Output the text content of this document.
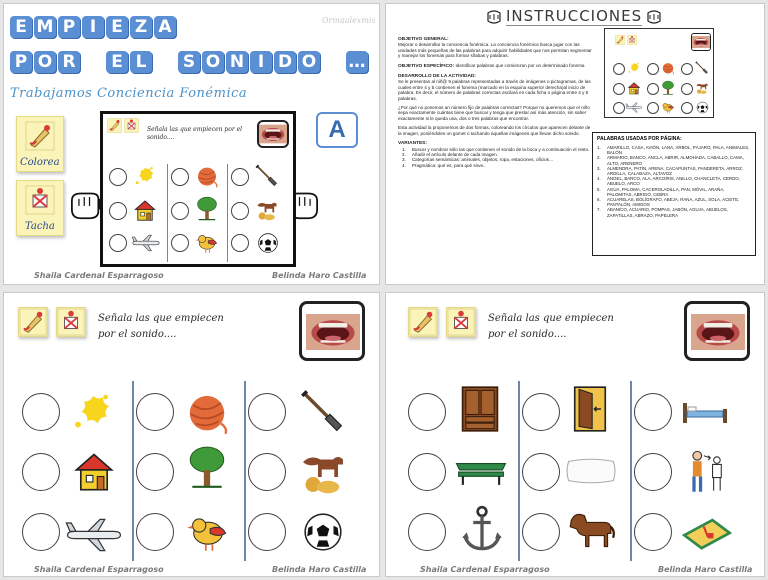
E M P I E Z A
P O R	E L	S O N I D O …
Ormaalexmis
Trabajamos Conciencia Fonémica
Colorea
Tacha
Señala las que empiecen por el sonido....	A
Shaila Cardenal Esparragoso	Belinda Haro Castilla
INSTRUCCIONES
OBJETIVO GENERAL:
Mejorar o desarrollar la conciencia fonémica. La conciencia fonémica busca jugar con las unidades más pequeñas de las palabras para adquirir habilidades que nos permitan segmentar y manejar los fonemas para formar sílabas y palabras.
OBJETIVO ESPECÍFICO: Identificar palabras que comienzan por un determinado fonema
DESARROLLO DE LA ACTIVIDAD:
Se le presentan al niñ@ 9 palabras representadas a través de imágenes o pictogramas, de las cuales entre 4 y 5 contienen el fonema (marcado en la esquina superior derecha)al inicio de palabra. Es decir, el número de palabras correctas oscilará en cada ficha o página entre 4 y 6 palabras.
¿Por qué no ponemos un número fijo de palabras correctas? Porque no queremos que el niño sepa exactamente cuántas tiene que buscar y tenga que prestar así más atención, sin saber exactamente si le queda una, dos o tres palabras que encontrar.
Esta actividad la proponemos de dos formas, coloreando los círculos que aparecen delante de la imagen, poniéndoles un gomet o tachando aquellas imágenes que llevan dicho sonido.
VARIANTES:
1. Buscar y nombrar sólo las que contienen el sonido de la boca y a continuación el resto.
2. Añadir el artículo delante de cada imagen.
3. Categorías semánticas: animales, objetos, ropa, estaciones, oficios…
4. Pragmática: qué es, para qué sirve..
PALABRAS USADAS POR PÁGINA:
1.	AMARILLO, CASA, AVIÓN, LANA, ÁRBOL, PÁJARO, PALA, ANIMALES, BALÓN
2.	ARMARIO, BANCO, ANCLA, ABRIR, ALMOHADA, CABALLO, CAMA, ALTO, ARENERO
3.	ALMENDRA, PATÍN, ARENA, CACAPUNTAS, PANDERETA, ARROZ, ARDILLA, CALABAZA, ALTAVOZ
4.	ÁNGEL, BARCO, ALA, ARCOÍRIS, ANILLO, CHANCLETA, CERDO, ABUELO, ARCO
5.	AGUA, PALOMA, CACEROLADILLA, PAN, MÓVIL, ARAÑA, PALOMITAS, ABRIGO, CEBRA
6.	ACUARELAS, BOLÍGRAFO, ABEJA, RANA, AZUL, SOLA, ACEITE, PANTALÓN, AMIGOS
7.	ABANICO, ACUARIO, POMPAS, JABÓN, AGUJA, ABUELOS, ZAPATILLAS, ABRAZO, PAPELERA
Señala las que empiecen
por el sonido....
Shaila Cardenal Esparragoso	Belinda Haro Castilla
Señala las que empiecen
por el sonido....
Shaila Cardenal Esparragoso	Belinda Haro Castilla
